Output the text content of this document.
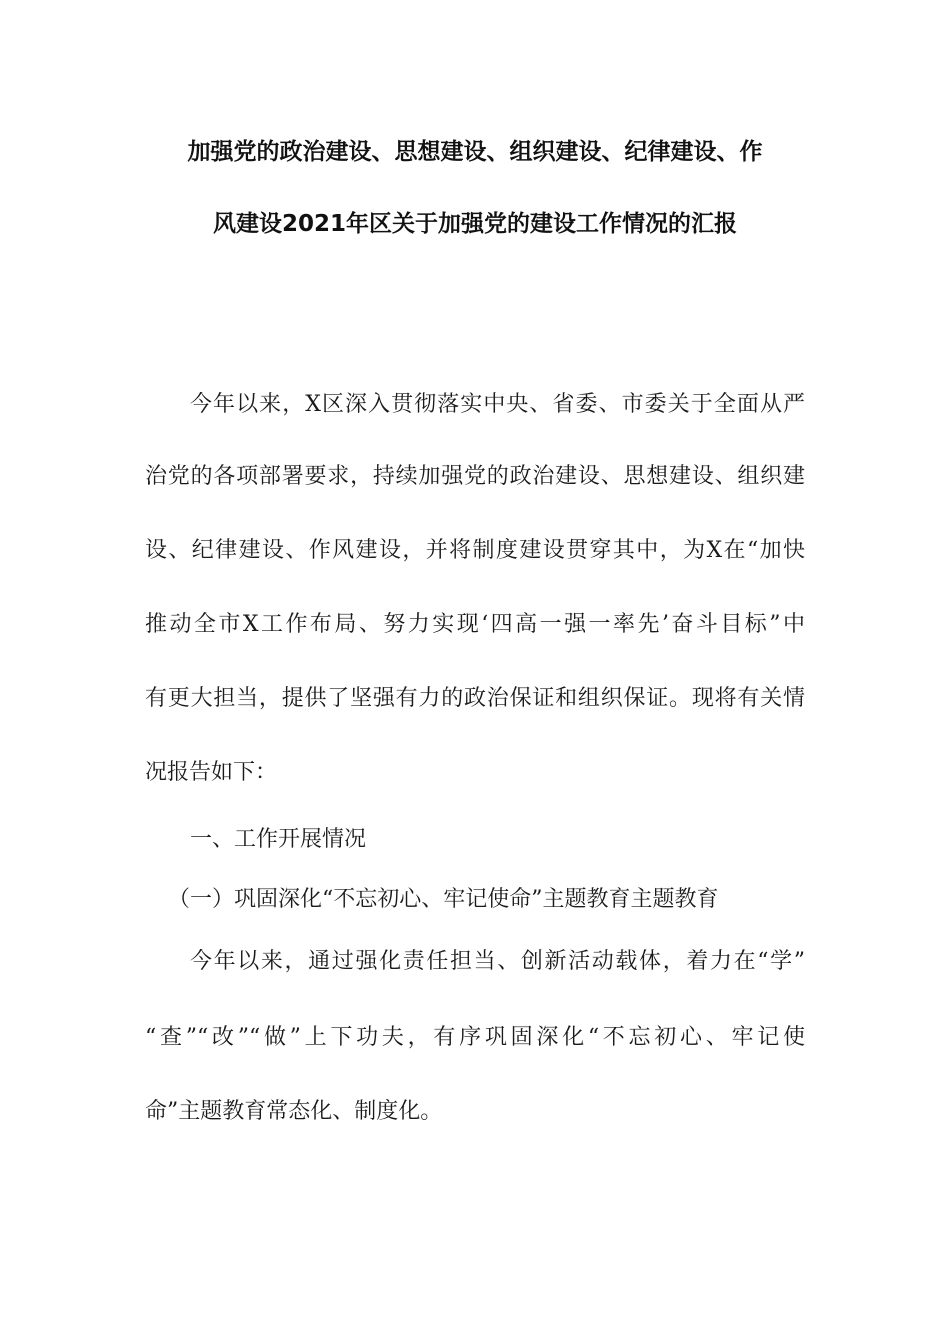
加强党的政治建设、思想建设、组织建设、纪律建设、作
风建设2021年区关于加强党的建设工作情况的汇报
今年以来，X区深入贯彻落实中央、省委、市委关于全面从严
治党的各项部署要求，持续加强党的政治建设、思想建设、组织建
设、纪律建设、作风建设，并将制度建设贯穿其中，为X在“加快
推动全市X工作布局、努力实现‘四高一强一率先’奋斗目标”中
有更大担当，提供了坚强有力的政治保证和组织保证。现将有关情
况报告如下：
一、工作开展情况
（一）巩固深化“不忘初心、牢记使命”主题教育主题教育
今年以来，通过强化责任担当、创新活动载体，着力在“学”
“查”“改”“做”上下功夫，有序巩固深化“不忘初心、牢记使
命”主题教育常态化、制度化。
